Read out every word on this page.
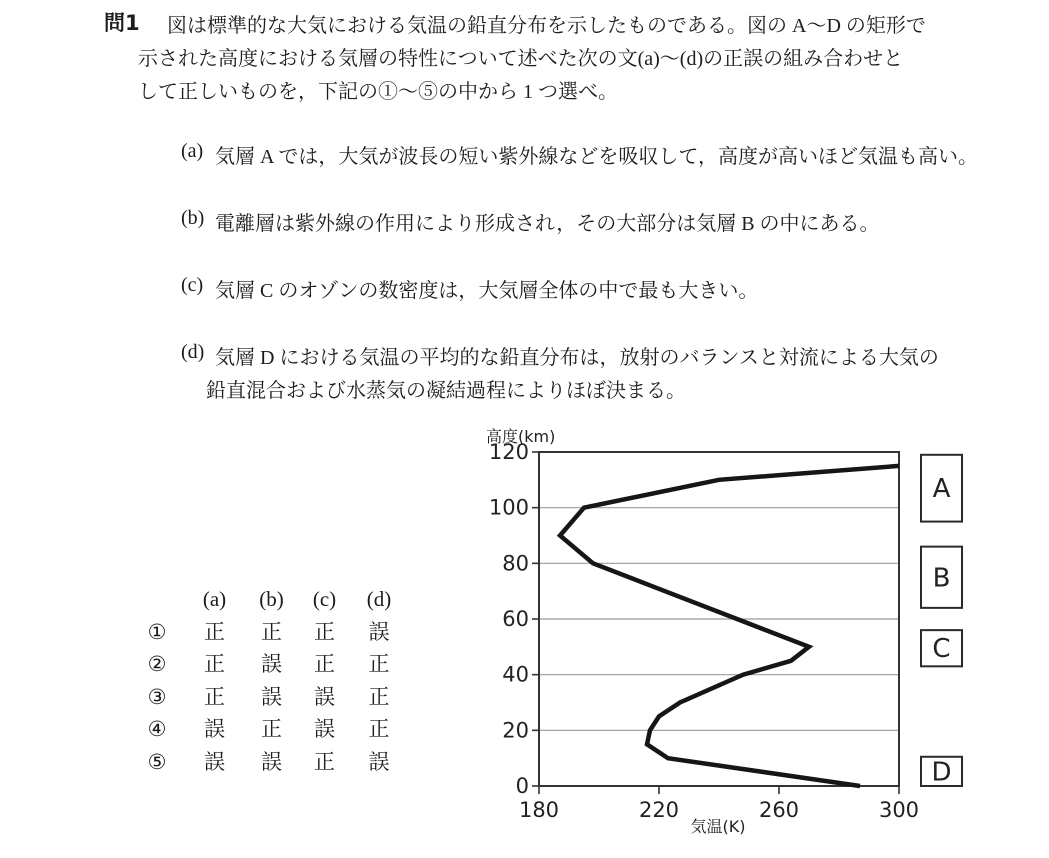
問1 図は標準的な大気における気温の鉛直分布を示したものである。図の A～D の矩形で
示された高度における気層の特性について述べた次の文(a)～(d)の正誤の組み合わせと
して正しいものを，下記の①～⑤の中から 1 つ選べ。
(a) 気層 A では，大気が波長の短い紫外線などを吸収して，高度が高いほど気温も高い。
(b) 電離層は紫外線の作用により形成され，その大部分は気層 B の中にある。
(c) 気層 C のオゾンの数密度は，大気層全体の中で最も大きい。
(d) 気層 D における気温の平均的な鉛直分布は，放射のバランスと対流による大気の
鉛直混合および水蒸気の凝結過程によりほぼ決まる。
(a)	(b)	(c)	(d)
①	正	正	正	誤
②	正	誤	正	正
③	正	誤	誤	正
④	誤	正	誤	正
⑤	誤	誤	正	誤
0
20
40
60
80
100
120
180	220	260	300
高度(km)
気温(K)
A
B
C
D
